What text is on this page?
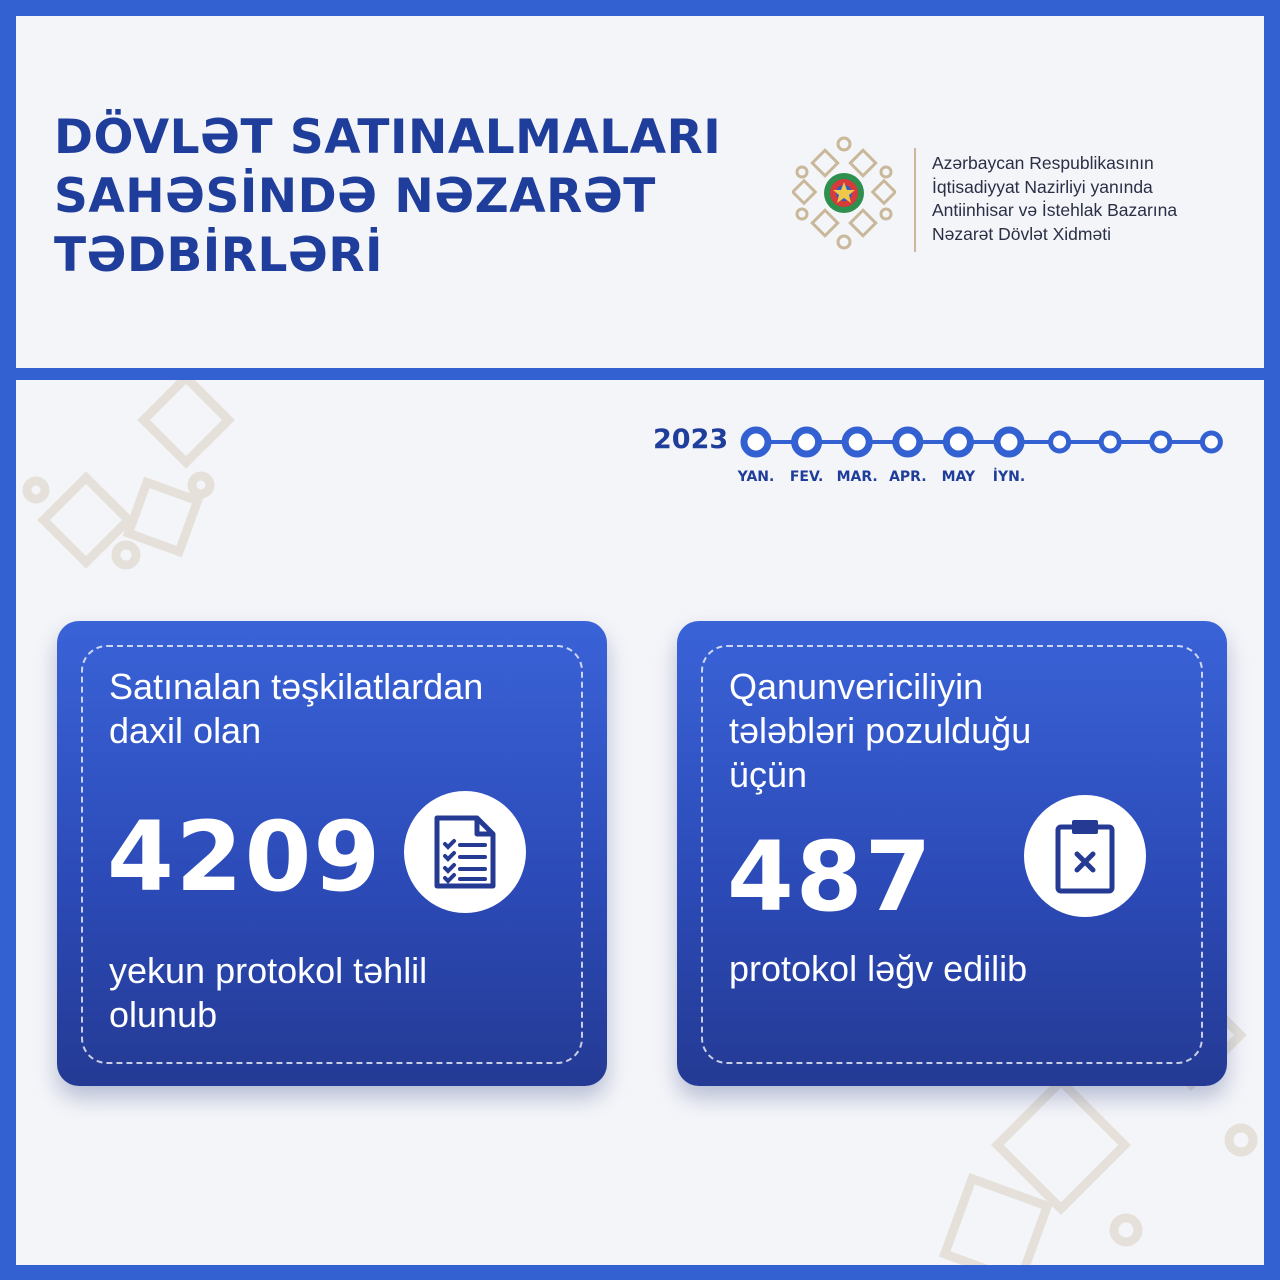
DÖVLƏT SATINALMALARI
SAHƏSİNDƏ NƏZARƏT
TƏDBİRLƏRİ
Azərbaycan Respublikasının
İqtisadiyyat Nazirliyi yanında
Antiinhisar və İstehlak Bazarına
Nəzarət Dövlət Xidməti
2023
YAN.	FEV. MAR. APR.	MAY	İYN.
Satınalan təşkilatlardan
daxil olan
4209
yekun protokol təhlil
olunub
Qanunvericiliyin
tələbləri pozulduğu
üçün
487
protokol ləğv edilib
